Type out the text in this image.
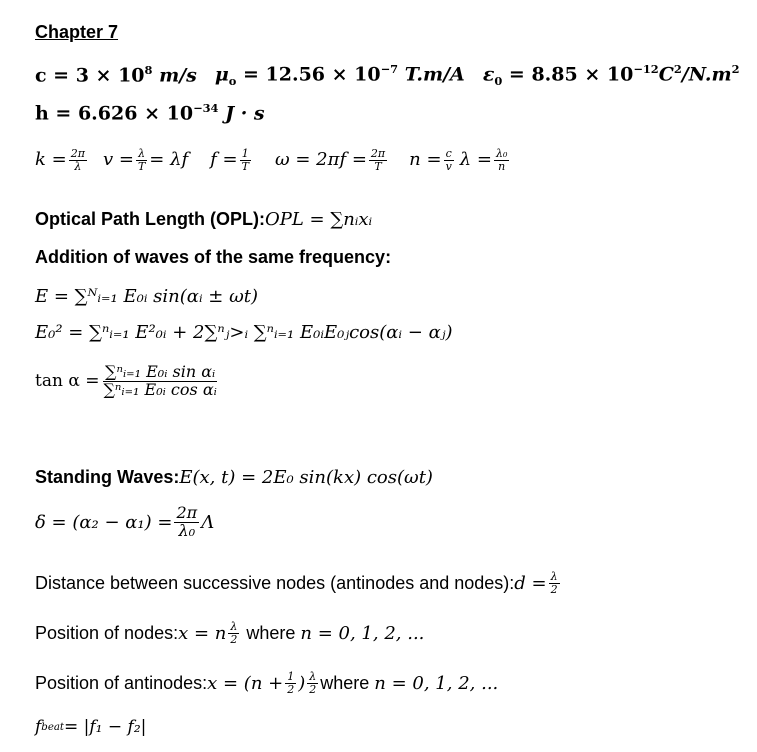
Chapter 7
$c = 3 \times 10^8$ m/s $\mu_o = 12.56 \times 10^{-7}$ T.m/A $\varepsilon_0 = 8.85 \times 10^{-12}C^2/N.m^2$
$h = 6.626 \times 10^{-34}$ J · s
$k = \frac{2\pi}{\lambda}$ $v = \frac{\lambda}{T} = \lambda f$ $f = \frac{1}{T}$ $\omega = 2\pi f = \frac{2\pi}{T}$ $n = \frac{c}{v}$ $\lambda = \frac{\text{λ₀}}{n}$
Optical Path Length (OPL): OPL = ∑nᵢxᵢ
Addition of waves of the same frequency:
E = ∑ᴺᵢ₌₁ E₀ᵢ sin(αᵢ ± ωt)
E₀² = ∑ⁿᵢ₌₁ E²₀ᵢ + 2∑ⁿⱼ>ᵢ ∑ⁿᵢ₌₁ E₀ᵢE₀ⱼcos(αᵢ − αⱼ)
$\tan \alpha = \frac{\text{∑ⁿᵢ₌₁ E₀ᵢ sin αᵢ}}{\text{∑ⁿᵢ₌₁ E₀ᵢ cos αᵢ}}$
Standing Waves: E(x, t) = 2E₀ sin(kx) cos(ωt)
$\delta = (\alpha_2 - \alpha_1) = \frac{2\pi}{\text{λ₀}}$ Λ
Distance between successive nodes (antinodes and nodes): $d = \frac{\lambda}{2}$
Position of nodes: x = n $\frac{\lambda}{2}$ where n = 0, 1, 2, ...
Position of antinodes: $x = (n + \frac{1}{2}$ ) $\frac{\lambda}{2}$ where n = 0, 1, 2, ...
f beat = |f₁ − f₂|
